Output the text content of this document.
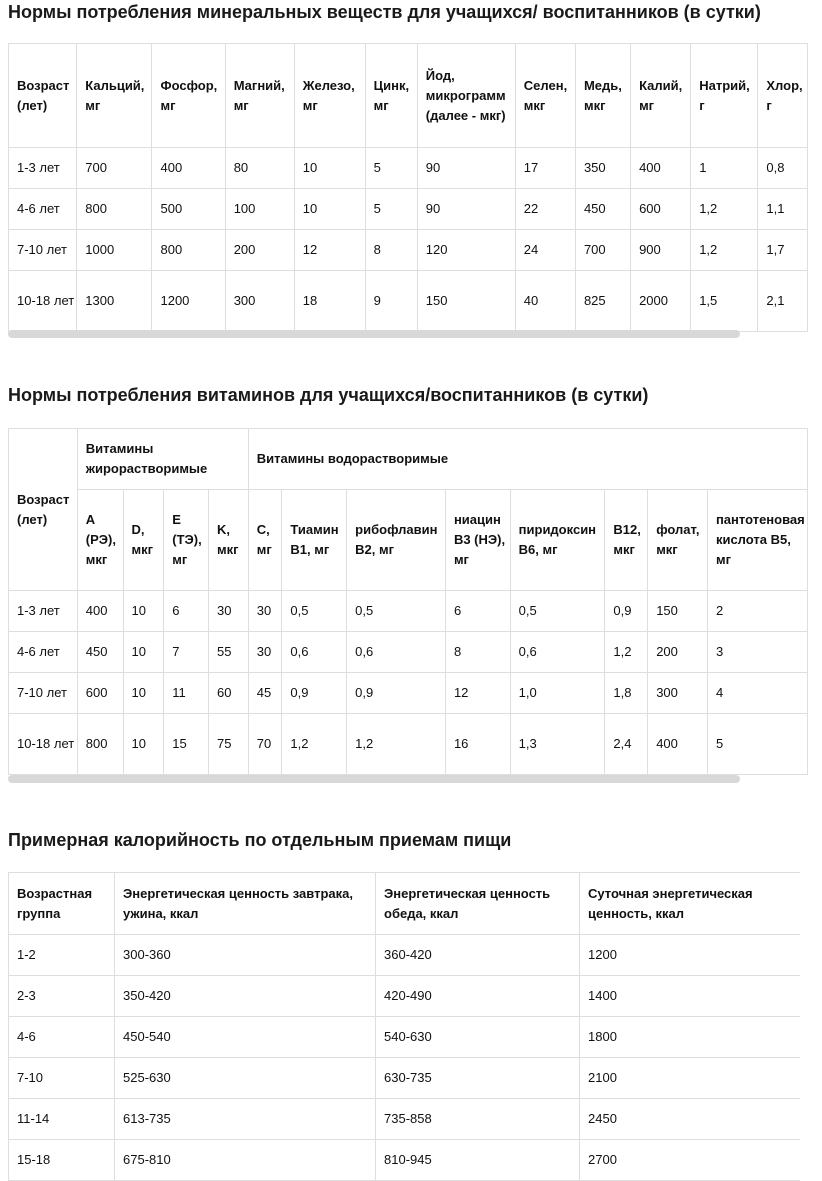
Нормы потребления минеральных веществ для учащихся/ воспитанников (в сутки)
Возраст (лет)	Кальций, мг	Фосфор, мг	Магний, мг	Железо, мг	Цинк, мг	Йод, микрограмм (далее - мкг)	Селен, мкг	Медь, мкг	Калий, мг	Натрий, г	Хлор, г
1-3 лет	700	400	80	10	5	90	17	350	400	1	0,8
4-6 лет	800	500	100	10	5	90	22	450	600	1,2	1,1
7-10 лет	1000	800	200	12	8	120	24	700	900	1,2	1,7
10-18 лет	1300	1200	300	18	9	150	40	825	2000	1,5	2,1
Нормы потребления витаминов для учащихся/воспитанников (в сутки)
Возраст (лет)	Витамины жирорастворимые				Витамины водорастворимые							
	A (РЭ), мкг	D, мкг	E (ТЭ), мг	K, мкг	C, мг	Тиамин B1, мг	рибофлавин B2, мг	ниацин B3 (НЭ), мг	пиридоксин B6, мг	B12, мкг	фолат, мкг	пантотеновая кислота B5, мг
1-3 лет	400	10	6	30	30	0,5	0,5	6	0,5	0,9	150	2
4-6 лет	450	10	7	55	30	0,6	0,6	8	0,6	1,2	200	3
7-10 лет	600	10	11	60	45	0,9	0,9	12	1,0	1,8	300	4
10-18 лет	800	10	15	75	70	1,2	1,2	16	1,3	2,4	400	5
Примерная калорийность по отдельным приемам пищи
Возрастная группа	Энергетическая ценность завтрака, ужина, ккал	Энергетическая ценность обеда, ккал	Суточная энергетическая ценность, ккал
1-2	300-360	360-420	1200
2-3	350-420	420-490	1400
4-6	450-540	540-630	1800
7-10	525-630	630-735	2100
11-14	613-735	735-858	2450
15-18	675-810	810-945	2700
